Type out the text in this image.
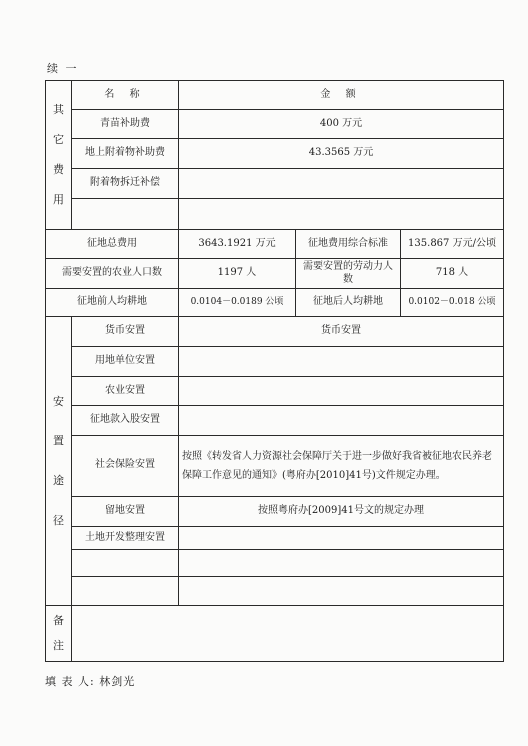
续 一
其
它
费
用	名 称	金 额		
	青苗补助费	400 万元		
	地上附着物补助费	43.3565 万元		
	附着物拆迁补偿			

征地总费用		3643.1921 万元	征地费用综合标准	135.867 万元/公顷
需要安置的农业人口数		1197 人	需要安置的劳动力人数	718 人
征地前人均耕地		0.0104－0.0189 公顷	征地后人均耕地	0.0102－0.018 公顷

安
置
途
径	货币安置	货币安置		
	用地单位安置			
	农业安置			
	征地款入股安置			
	社会保险安置	按照《转发省人力资源社会保障厅关于进一步做好我省被征地农民养老保障工作意见的通知》(粤府办[2010]41号)文件规定办理。		
	留地安置	按照粤府办[2009]41号文的规定办理		
	土地开发整理安置			

备
注				

填 表 人: 林剑光
